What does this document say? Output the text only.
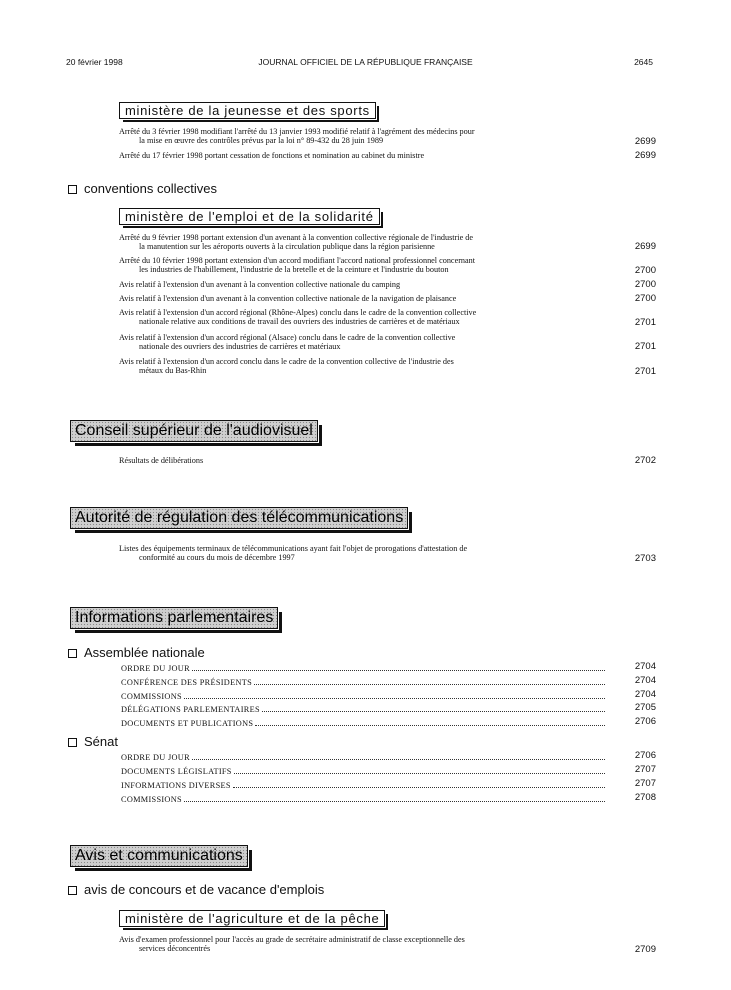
20 février 1998	JOURNAL OFFICIEL DE LA RÉPUBLIQUE FRANÇAISE	2645
ministère de la jeunesse et des sports
Arrêté du 3 février 1998 modifiant l'arrêté du 13 janvier 1993 modifié relatif à l'agrément des médecins pour
la mise en œuvre des contrôles prévus par la loi n° 89-432 du 28 juin 1989	2699
Arrêté du 17 février 1998 portant cessation de fonctions et nomination au cabinet du ministre	2699
conventions collectives
ministère de l'emploi et de la solidarité
Arrêté du 9 février 1998 portant extension d'un avenant à la convention collective régionale de l'industrie de
la manutention sur les aéroports ouverts à la circulation publique dans la région parisienne	2699
Arrêté du 10 février 1998 portant extension d'un accord modifiant l'accord national professionnel concernant
les industries de l'habillement, l'industrie de la bretelle et de la ceinture et l'industrie du bouton	2700
Avis relatif à l'extension d'un avenant à la convention collective nationale du camping	2700
Avis relatif à l'extension d'un avenant à la convention collective nationale de la navigation de plaisance	2700
Avis relatif à l'extension d'un accord régional (Rhône-Alpes) conclu dans le cadre de la convention collective
nationale relative aux conditions de travail des ouvriers des industries de carrières et de matériaux	2701
Avis relatif à l'extension d'un accord régional (Alsace) conclu dans le cadre de la convention collective
nationale des ouvriers des industries de carrières et matériaux	2701
Avis relatif à l'extension d'un accord conclu dans le cadre de la convention collective de l'industrie des
métaux du Bas-Rhin	2701
Conseil supérieur de l'audiovisuel
Résultats de délibérations	2702
Autorité de régulation des télécommunications
Listes des équipements terminaux de télécommunications ayant fait l'objet de prorogations d'attestation de
conformité au cours du mois de décembre 1997	2703
Informations parlementaires
Assemblée nationale
ORDRE DU JOUR	2704
CONFÉRENCE DES PRÉSIDENTS	2704
COMMISSIONS	2704
DÉLÉGATIONS PARLEMENTAIRES	2705
DOCUMENTS ET PUBLICATIONS	2706
Sénat
ORDRE DU JOUR	2706
DOCUMENTS LÉGISLATIFS	2707
INFORMATIONS DIVERSES	2707
COMMISSIONS	2708
Avis et communications
avis de concours et de vacance d'emplois
ministère de l'agriculture et de la pêche
Avis d'examen professionnel pour l'accès au grade de secrétaire administratif de classe exceptionnelle des
services déconcentrés	2709
